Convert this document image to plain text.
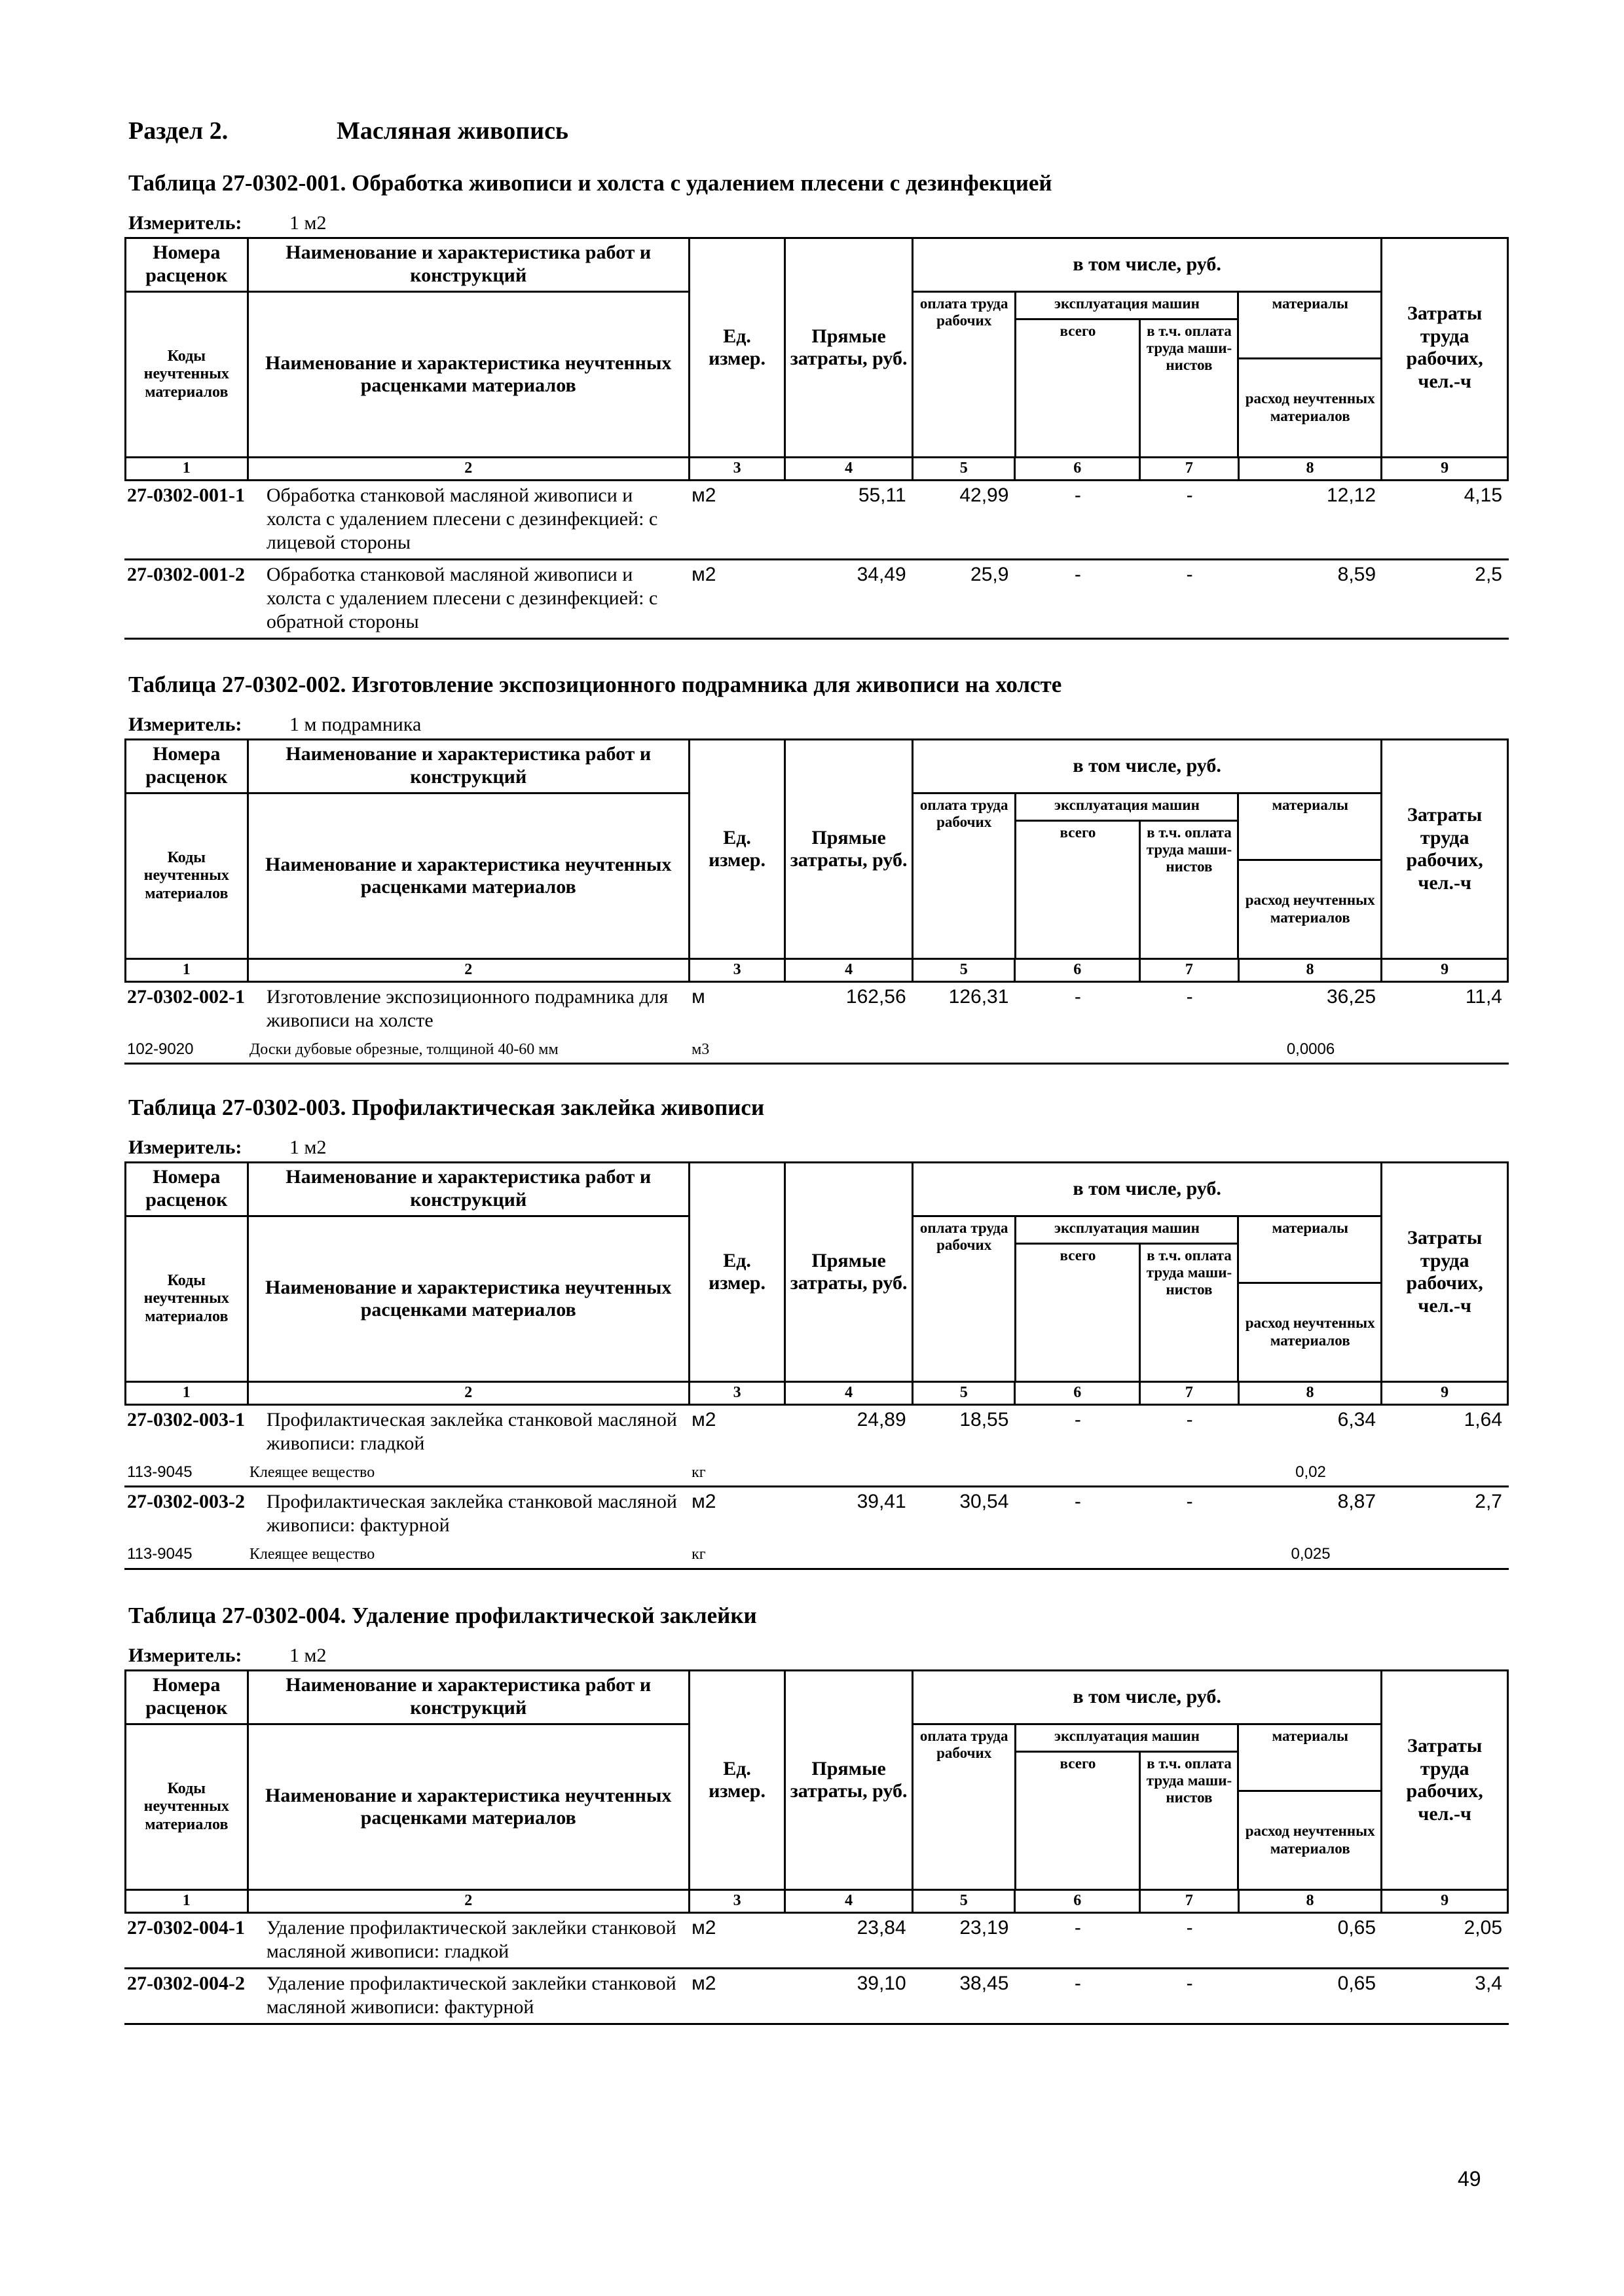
Раздел 2.	Масляная живопись
Таблица 27-0302-001. Обработка живописи и холста с удалением плесени с дезинфекцией
Измеритель: 1 м2
Номера расценок	Наименование и характеристика работ и конструкций	Ед. измер.	Прямые затраты, руб.	в том числе, руб.	Затраты труда рабочих, чел.-ч
Коды неучтенных материалов	Наименование и характеристика неучтенных расценками материалов	
оплата труда рабочих	эксплуатация машин	материалы
всего	в т.ч. оплата труда маши-нистов
расход неучтенных материалов

1	2	3	4	5	6	7	8	9
27-0302-001-1	Обработка станковой масляной живописи и холста с удалением плесени с дезинфекцией: с лицевой стороны	м2	55,11	42,99	-	-	12,12	4,15
27-0302-001-2	Обработка станковой масляной живописи и холста с удалением плесени с дезинфекцией: с обратной стороны	м2	34,49	25,9	-	-	8,59	2,5
Таблица 27-0302-002. Изготовление экспозиционного подрамника для живописи на холсте
Измеритель: 1 м подрамника
Номера расценок	Наименование и характеристика работ и конструкций	Ед. измер.	Прямые затраты, руб.	в том числе, руб.	Затраты труда рабочих, чел.-ч
Коды неучтенных материалов	Наименование и характеристика неучтенных расценками материалов	
оплата труда рабочих	эксплуатация машин	материалы
всего	в т.ч. оплата труда маши-нистов
расход неучтенных материалов

1	2	3	4	5	6	7	8	9
27-0302-002-1	Изготовление экспозиционного подрамника для живописи на холсте	м	162,56	126,31	-	-	36,25	11,4
102-9020	Доски дубовые обрезные, толщиной 40-60 мм	м3					0,0006	
Таблица 27-0302-003. Профилактическая заклейка живописи
Измеритель: 1 м2
Номера расценок	Наименование и характеристика работ и конструкций	Ед. измер.	Прямые затраты, руб.	в том числе, руб.	Затраты труда рабочих, чел.-ч
Коды неучтенных материалов	Наименование и характеристика неучтенных расценками материалов	
оплата труда рабочих	эксплуатация машин	материалы
всего	в т.ч. оплата труда маши-нистов
расход неучтенных материалов

1	2	3	4	5	6	7	8	9
27-0302-003-1	Профилактическая заклейка станковой масляной живописи: гладкой	м2	24,89	18,55	-	-	6,34	1,64
113-9045	Клеящее вещество	кг					0,02	
27-0302-003-2	Профилактическая заклейка станковой масляной живописи: фактурной	м2	39,41	30,54	-	-	8,87	2,7
113-9045	Клеящее вещество	кг					0,025	
Таблица 27-0302-004. Удаление профилактической заклейки
Измеритель: 1 м2
Номера расценок	Наименование и характеристика работ и конструкций	Ед. измер.	Прямые затраты, руб.	в том числе, руб.	Затраты труда рабочих, чел.-ч
Коды неучтенных материалов	Наименование и характеристика неучтенных расценками материалов	
оплата труда рабочих	эксплуатация машин	материалы
всего	в т.ч. оплата труда маши-нистов
расход неучтенных материалов

1	2	3	4	5	6	7	8	9
27-0302-004-1	Удаление профилактической заклейки станковой масляной живописи: гладкой	м2	23,84	23,19	-	-	0,65	2,05
27-0302-004-2	Удаление профилактической заклейки станковой масляной живописи: фактурной	м2	39,10	38,45	-	-	0,65	3,4
49
